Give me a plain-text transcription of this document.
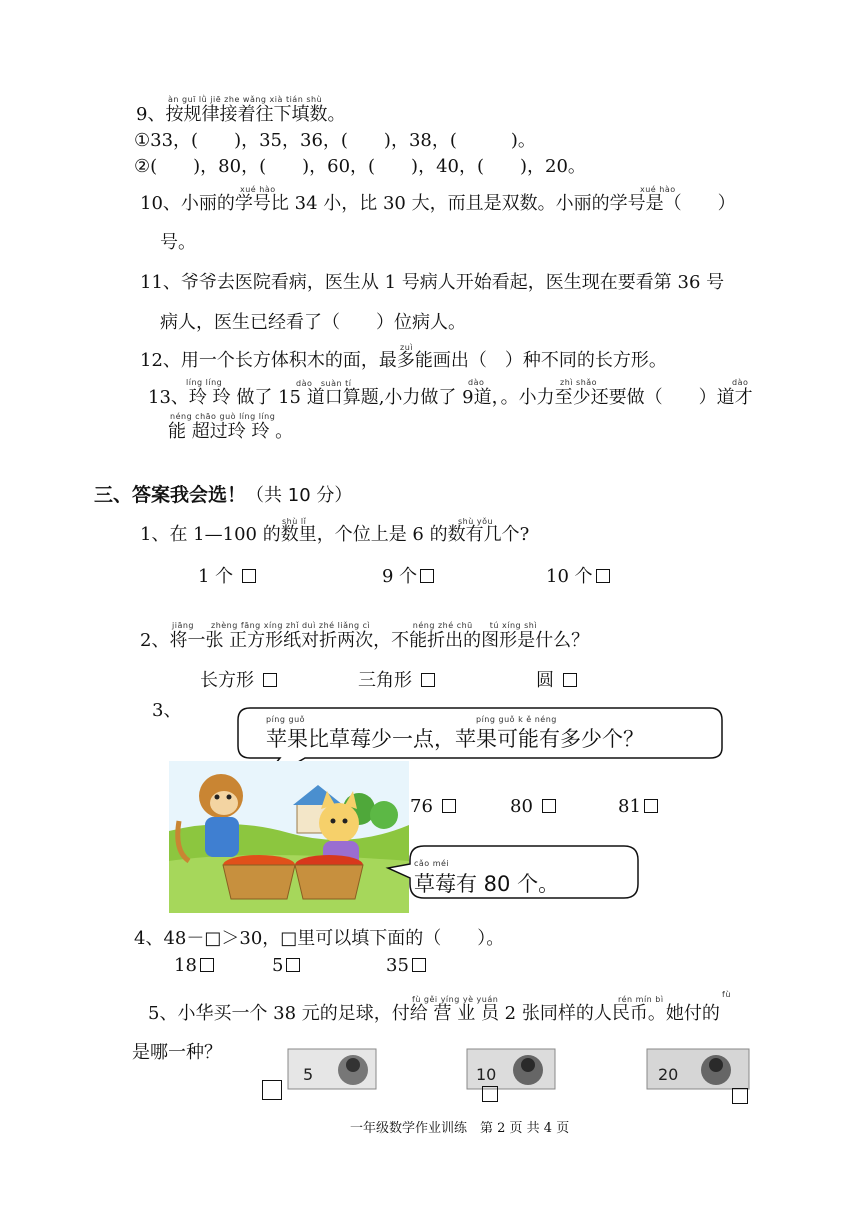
àn guī lǜ jiē zhe wǎng xià tián shù
9、按规律接着往下填数。
①33，(　　)，35，36，(　　)，38，(　　　)。
②(　　)，80，(　　)，60，(　　)，40，(　　)，20。
xué hào	xué hào
10、小丽的学号比 34 小，比 30 大，而且是双数。小丽的学号是（　　）
号。
11、爷爷去医院看病，医生从 1 号病人开始看起，医生现在要看第 36 号
病人，医生已经看了（　　）位病人。
zuì
12、用一个长方体积木的面，最多能画出（　）种不同的长方形。
líng líng	dào　suàn tí	dào	zhì shǎo	dào
13、玲 玲 做了 15 道口算题,小力做了 9道，。小力至少还要做（　　）道才
néng chāo guò líng líng
能 超过玲 玲 。
三、答案我会选！（共 10 分）
shù lǐ	shù yǒu
1、在 1—100 的数里，个位上是 6 的数有几个?
1 个	9 个	10 个
jiāng　　zhèng fāng xíng zhǐ duì zhé liǎng cì　　　　　néng zhé chū　　tú xíng shì
2、将一张 正方形纸对折两次，不能折出的图形是什么？
长方形	三角形	圆
3、	píng guǒ	píng guǒ k ě néng
苹果比草莓少一点，苹果可能有多少个？
76	80	81
cǎo méi
草莓有 80 个。
4、48－□＞30，□里可以填下面的（　　）。
18	5	35
fù gěi yíng yè yuán	rén mín bì
fù
5、小华买一个 38 元的足球，付给 营 业 员 2 张同样的人民币。她付的
是哪一种？
5	10	20
一年级数学作业训练　第 2 页 共 4 页
